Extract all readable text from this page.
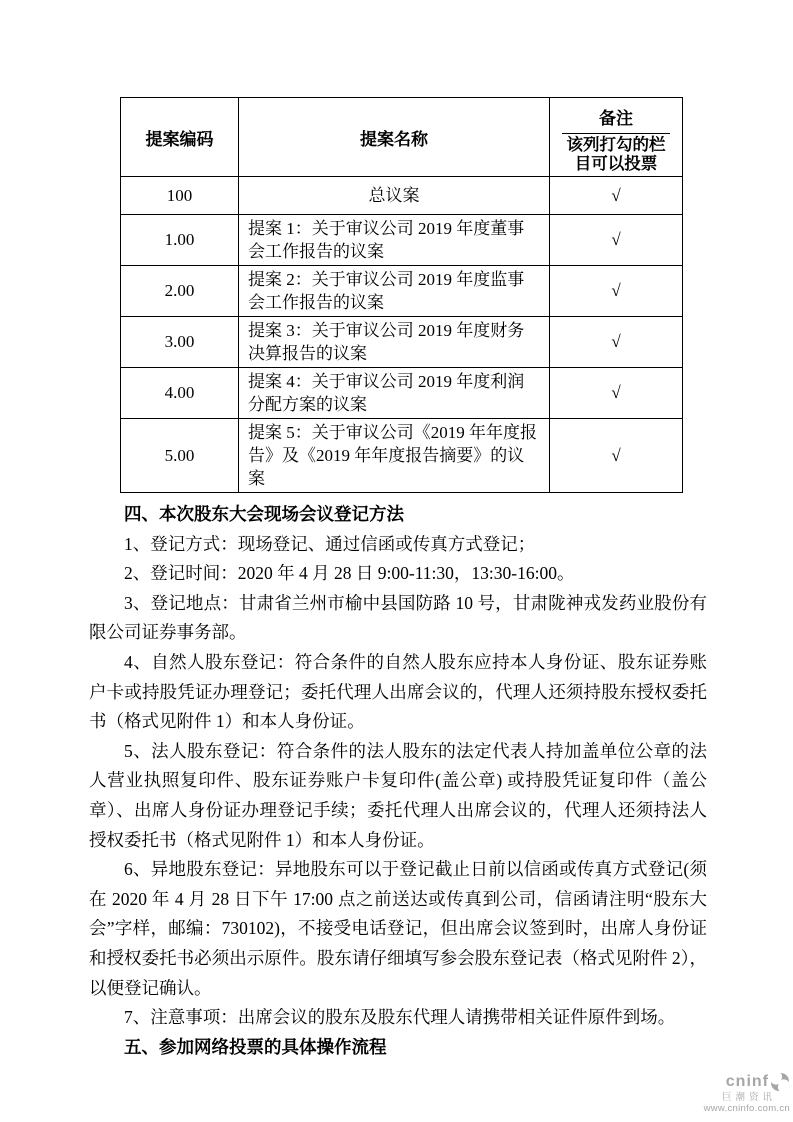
提案编码	提案名称	备注
该列打勾的栏目可以投票

100	总议案	√
1.00	提案 1：关于审议公司 2019 年度董事会工作报告的议案	√
2.00	提案 2：关于审议公司 2019 年度监事会工作报告的议案	√
3.00	提案 3：关于审议公司 2019 年度财务决算报告的议案	√
4.00	提案 4：关于审议公司 2019 年度利润分配方案的议案	√
5.00	提案 5：关于审议公司《2019 年年度报告》及《2019 年年度报告摘要》的议案	√
四、本次股东大会现场会议登记方法

1、登记方式：现场登记、通过信函或传真方式登记；

2、登记时间：2020 年 4 月 28 日 9:00-11:30，13:30-16:00。

3、登记地点：甘肃省兰州市榆中县国防路 10 号，甘肃陇神戎发药业股份有限公司证券事务部。

4、自然人股东登记：符合条件的自然人股东应持本人身份证、股东证券账户卡或持股凭证办理登记；委托代理人出席会议的，代理人还须持股东授权委托书（格式见附件 1）和本人身份证。

5、法人股东登记：符合条件的法人股东的法定代表人持加盖单位公章的法人营业执照复印件、股东证券账户卡复印件(盖公章) 或持股凭证复印件（盖公章）、出席人身份证办理登记手续；委托代理人出席会议的，代理人还须持法人授权委托书（格式见附件 1）和本人身份证。

6、异地股东登记：异地股东可以于登记截止日前以信函或传真方式登记(须在 2020 年 4 月 28 日下午 17:00 点之前送达或传真到公司，信函请注明“股东大会”字样，邮编：730102)，不接受电话登记，但出席会议签到时，出席人身份证和授权委托书必须出示原件。股东请仔细填写参会股东登记表（格式见附件 2），以便登记确认。

7、注意事项：出席会议的股东及股东代理人请携带相关证件原件到场。

五、参加网络投票的具体操作流程
cninf
巨潮资讯
www.cninfo.com.cn
